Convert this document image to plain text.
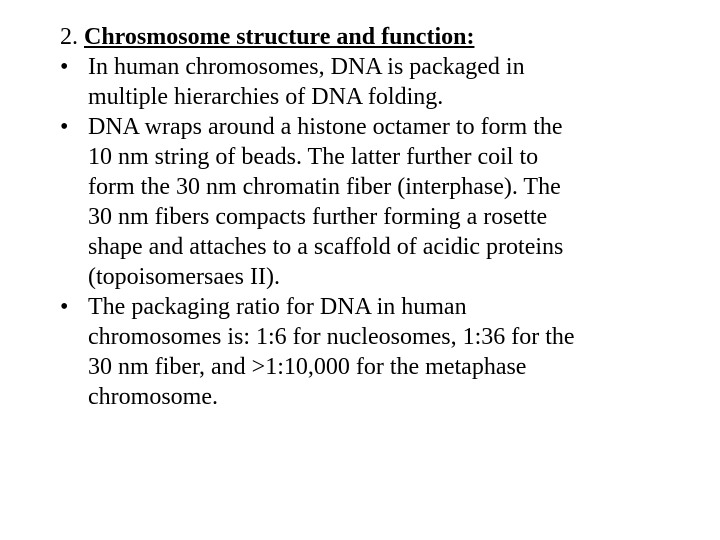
2. Chrosmosome structure and function:

• In human chromosomes, DNA is packaged in
multiple hierarchies of DNA folding.
• DNA wraps around a histone octamer to form the
10 nm string of beads. The latter further coil to
form the 30 nm chromatin fiber (interphase). The
30 nm fibers compacts further forming a rosette
shape and attaches to a scaffold of acidic proteins
(topoisomersaes II).
• The packaging ratio for DNA in human
chromosomes is: 1:6 for nucleosomes, 1:36 for the
30 nm fiber, and >1:10,000 for the metaphase
chromosome.
